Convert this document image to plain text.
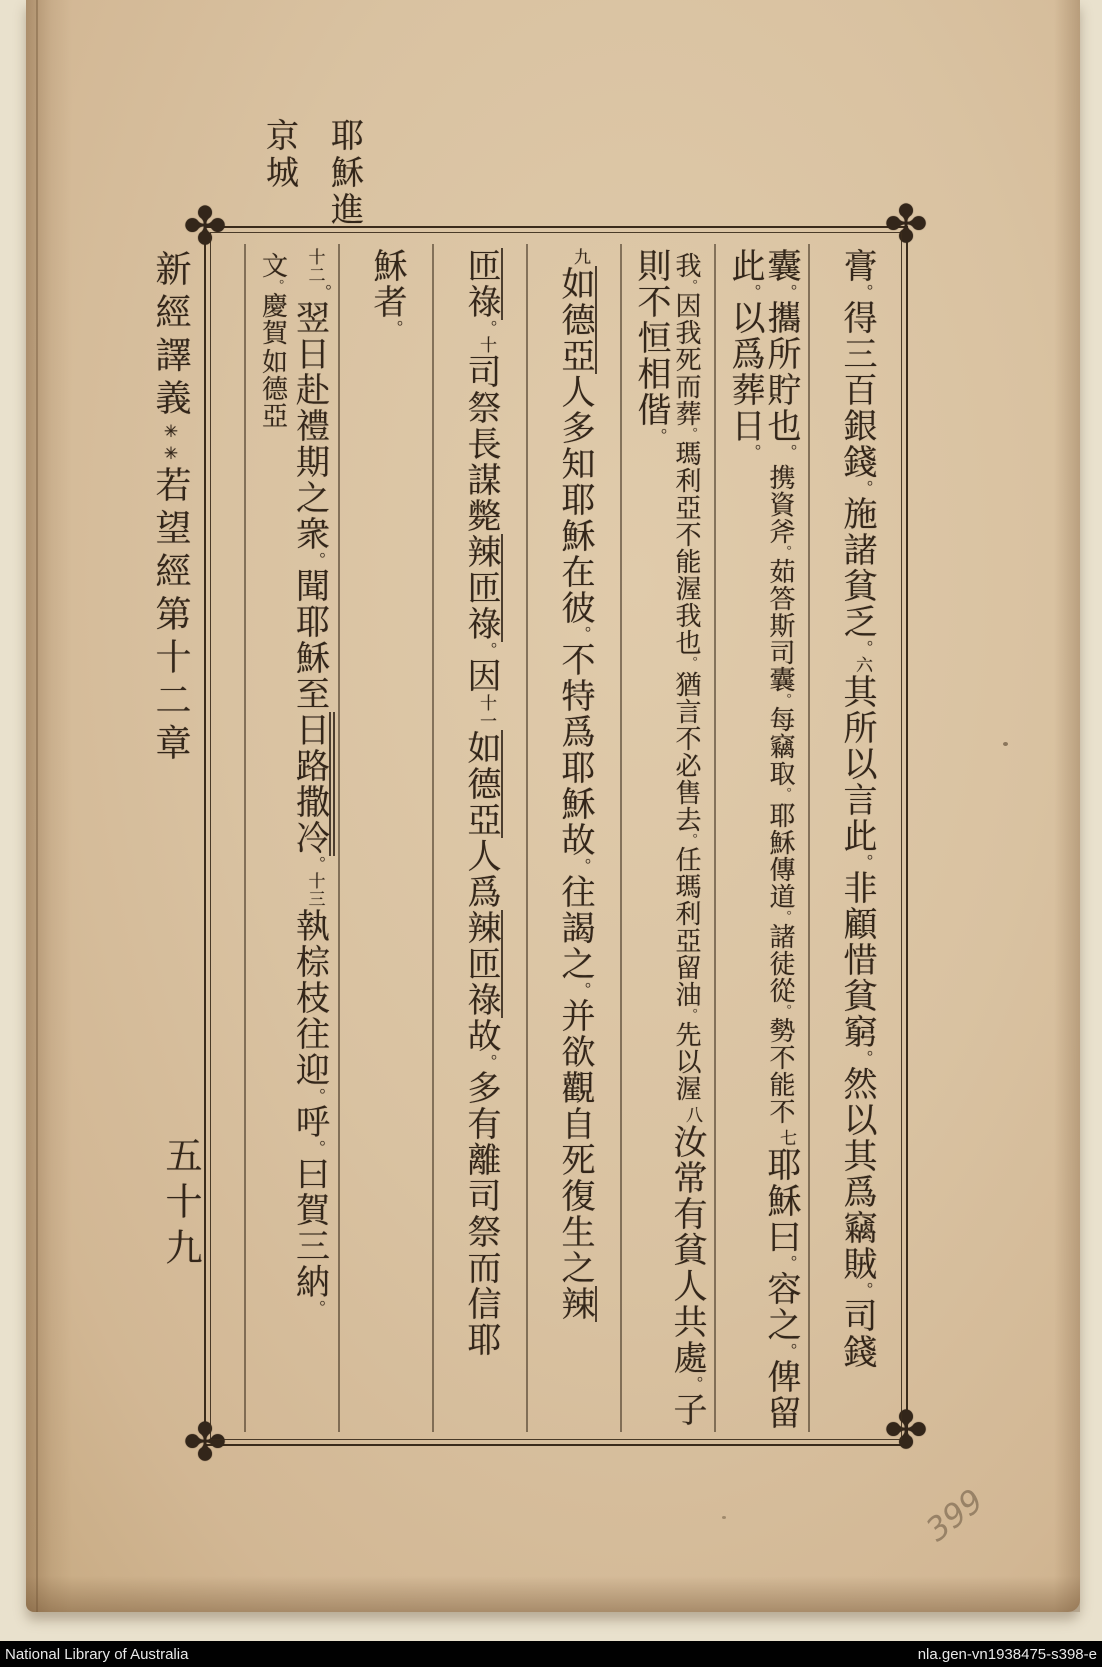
耶穌進
京城
新經譯義✳✳若望經第十二章
五十九
✤	✤
✤	✤
膏。得三百銀錢。施諸貧乏。六其所以言此。非顧惜貧窮。然以其爲竊賊。司錢
囊。攜所貯也。
耶穌傳道。諸徒從。勢不能不
携資斧。茹答斯司囊。每竊取。
七耶穌曰。容之。俾留此。以爲葬日。
猶言不必售去。任瑪利亞留油。先以渥
我。因我死而葬。瑪利亞不能渥我也。
八汝常有貧人共處。子則不恒相偕。
九如德亞人多知耶穌在彼。不特爲耶穌故。往謁之。并欲觀自死復生之辣
匝祿。十司祭長謀斃辣匝祿。因十一如德亞人爲辣匝祿故。多有離司祭而信耶
穌者。
十二。翌日赴禮期之衆。聞耶穌至日路撒冷。十三執棕枝往迎。呼。曰賀三納。
如德亞
文。慶賀
399
National Library of Australia	nla.gen-vn1938475-s398-e
